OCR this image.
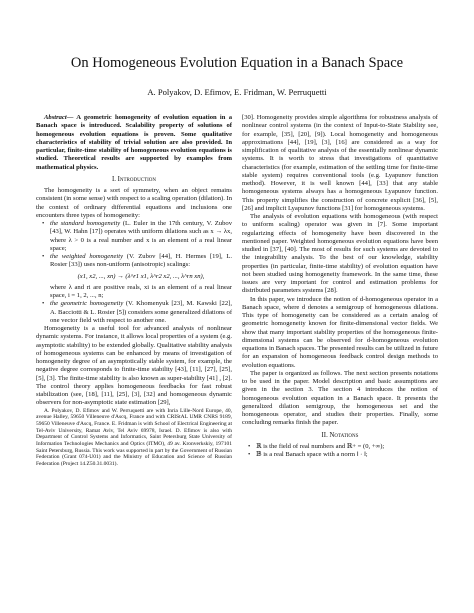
On Homogeneous Evolution Equation in a Banach Space
A. Polyakov, D. Efimov, E. Fridman, W. Perruquetti

Abstract— A geometric homogeneity of evolution equation in a Banach space is introduced. Scalability property of solutions of homogeneous evolution equations is proven. Some qualitative characteristics of stability of trivial solution are also provided. In particular, finite-time stability of homogeneous evolution equations is studied. Theoretical results are supported by examples from mathematical physics.

I. Introduction

The homogeneity is a sort of symmetry, when an object remains consistent (in some sense) with respect to a scaling operation (dilation). In the context of ordinary differential equations and inclusions one encounters three types of homogeneity:

• the standard homogeneity (L. Euler in the 17th century, V. Zubov [43], W. Hahn [17]) operates with uniform dilations such as x → λx, where λ > 0 is a real number and x is an element of a real linear space;
• the weighted homogeneity (V. Zubov [44], H. Hermes [19], L. Rosier [33]) uses non-uniform (anisotropic) scalings:
(x1, x2, ..., xn) → (λ^r1 x1, λ^r2 x2, ..., λ^rn xn),
where λ and ri are positive reals, xi is an element of a real linear space, i = 1, 2, ..., n;
• the geometric homogeneity (V. Khomenyuk [23], M. Kawski [22], A. Bacciotti & L. Rosier [5]) considers some generalized dilations of one vector field with respect to another one.

Homogeneity is a useful tool for advanced analysis of nonlinear dynamic systems. For instance, it allows local properties of a system (e.g. asymptotic stability) to be extended globally. Qualitative stability analysis of homogeneous systems can be enhanced by means of investigation of homogeneity degree of an asymptotically stable system, for example, the negative degree corresponds to finite-time stability [43], [11], [27], [25], [5], [3]. The finite-time stability is also known as super-stability [41] , [2]. The control theory applies homogeneous feedbacks for fast robust stabilization (see, [18], [11], [25], [3], [32] and homogeneous dynamic observers for non-asymptotic state estimation [29],

A. Polyakov, D. Efimov and W. Perruquetti are with Inria Lille-Nord Europe, 40, avenue Halley, 59650 Villeneuve d'Ascq, France and with CRIStAL UMR CNRS 9189, 59650 Villeneuve d'Ascq, France. E. Fridman is with School of Electrical Engineering at Tel-Aviv University, Ramat Aviv, Tel Aviv 69978, Israel. D. Efimov is also with Department of Control Systems and Informatics, Saint Petersburg State University of Information Technologies Mechanics and Optics (ITMO), 49 av. Kronverkskiy, 197101 Saint Petersburg, Russia. This work was supported in part by the Government of Russian Federation (Grant 074-U01) and the Ministry of Education and Science of Russian Federation (Project 14.Z50.31.0031).

[30]. Homogeneity provides simple algorithms for robustness analysis of nonlinear control systems (in the context of Input-to-State Stability see, for example, [35], [20], [9]). Local homogeneity and homogeneous approximations [44], [19], [3], [16] are considered as a way for simplification of qualitative analysis of the essentially nonlinear dynamic systems. It is worth to stress that investigations of quantitative characteristics (for example, estimation of the settling time for finite-time stable system) requires conventional tools (e.g. Lyapunov function method). However, it is well known [44], [33] that any stable homogeneous systems always has a homogeneous Lyapunov function. This property simplifies the construction of concrete explicit [36], [5], [26] and implicit Lyapunov functions [31] for homogeneous systems.

The analysis of evolution equations with homogeneous (with respect to uniform scaling) operator was given in [7]. Some important regularizing effects of homogeneity have been discovered in the mentioned paper. Weighted homogeneous evolution equations have been studied in [37], [40]. The most of results for such systems are devoted to the integrability analysis. To the best of our knowledge, stability properties (in particular, finite-time stability) of evolution equation have not been studied using homogeneity framework. In the same time, these issues are very important for control and estimation problems for distributed parameters systems [28].

In this paper, we introduce the notion of d-homogeneous operator in a Banach space, where d denotes a semigroup of homogeneous dilations. This type of homogeneity can be considered as a certain analog of geometric homogeneity known for finite-dimensional vector fields. We show that many important stability properties of the homogeneous finite-dimensional systems can be observed for d-homogeneous evolution equations in Banach spaces. The presented results can be utilized in future for an expansion of homogeneous feedback control design methods to evolution equations.

The paper is organized as follows. The next section presents notations to be used in the paper. Model description and basic assumptions are given in the section 3. The section 4 introduces the notion of homogeneous evolution equation in a Banach space. It presents the generalized dilation semigroup, the homogeneous set and the homogeneous operator, and studies their properties. Finally, some concluding remarks finish the paper.

II. Notations
• ℝ is the field of real numbers and ℝ+ = (0, +∞);
• 𝔹 is a real Banach space with a norm ‖ · ‖;
